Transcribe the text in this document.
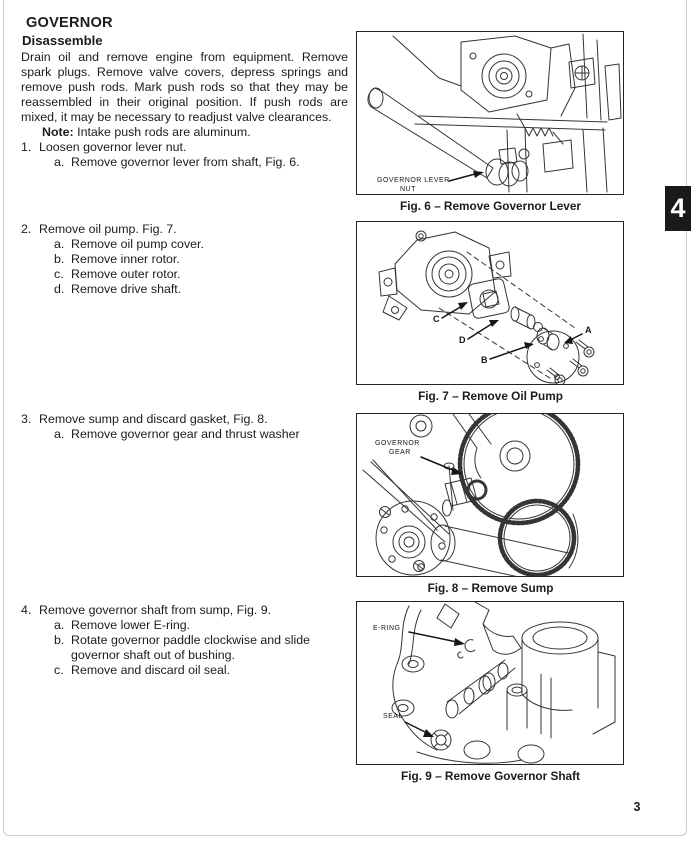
GOVERNOR
Disassemble

Drain oil and remove engine from equipment. Remove spark plugs. Remove valve covers, depress springs and remove push rods. Mark push rods so that they may be reassembled in their original position. If push rods are mixed, it may be necessary to readjust valve clearances.

Note: Intake push rods are aluminum.

1. Loosen governor lever nut.
a. Remove governor lever from shaft, Fig. 6.
2. Remove oil pump. Fig. 7.
a. Remove oil pump cover.
b. Remove inner rotor.
c. Remove outer rotor.
d. Remove drive shaft.
3. Remove sump and discard gasket, Fig. 8.
a. Remove governor gear and thrust washer
4. Remove governor shaft from sump, Fig. 9.
a. Remove lower E-ring.
b. Rotate governor paddle clockwise and slide governor shaft out of bushing.
c. Remove and discard oil seal.
GOVERNOR LEVER
NUT
Fig. 6 – Remove Governor Lever
C
D
B
A
Fig. 7 – Remove Oil Pump
GOVERNOR
GEAR
Fig. 8 – Remove Sump
E-RING
SEAL
Fig. 9 – Remove Governor Shaft
4
3
